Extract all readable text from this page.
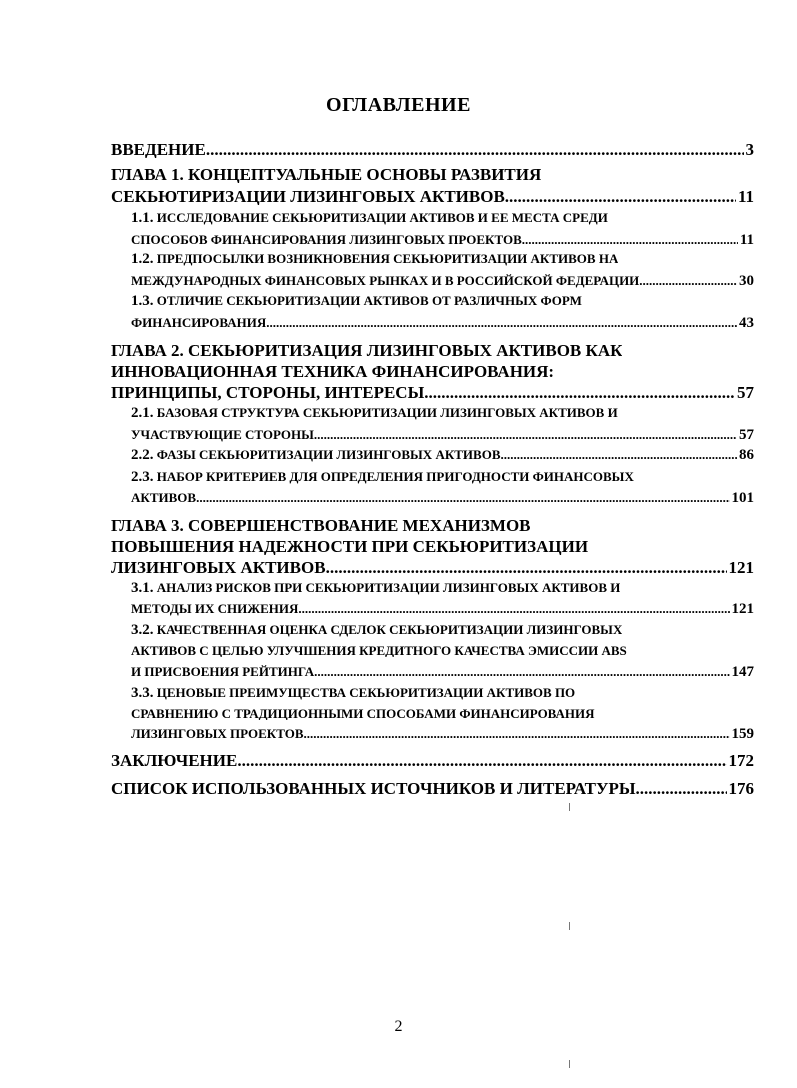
ОГЛАВЛЕНИЕ
ВВЕДЕНИЕ .....	3
ГЛАВА 1. КОНЦЕПТУАЛЬНЫЕ ОСНОВЫ РАЗВИТИЯ
СЕКЬЮТИРИЗАЦИИ ЛИЗИНГОВЫХ АКТИВОВ .....	11
1.1. ИССЛЕДОВАНИЕ СЕКЬЮРИТИЗАЦИИ АКТИВОВ И ЕЕ МЕСТА СРЕДИ
СПОСОБОВ ФИНАНСИРОВАНИЯ ЛИЗИНГОВЫХ ПРОЕКТОВ .....	11
1.2. ПРЕДПОСЫЛКИ ВОЗНИКНОВЕНИЯ СЕКЬЮРИТИЗАЦИИ АКТИВОВ НА
МЕЖДУНАРОДНЫХ ФИНАНСОВЫХ РЫНКАХ И В РОССИЙСКОЙ ФЕДЕРАЦИИ .....	30
1.3. ОТЛИЧИЕ СЕКЬЮРИТИЗАЦИИ АКТИВОВ ОТ РАЗЛИЧНЫХ ФОРМ
ФИНАНСИРОВАНИЯ .....	43
ГЛАВА 2. СЕКЬЮРИТИЗАЦИЯ ЛИЗИНГОВЫХ АКТИВОВ КАК
ИННОВАЦИОННАЯ ТЕХНИКА ФИНАНСИРОВАНИЯ:
ПРИНЦИПЫ, СТОРОНЫ, ИНТЕРЕСЫ .....	57
2.1. БАЗОВАЯ СТРУКТУРА СЕКЬЮРИТИЗАЦИИ ЛИЗИНГОВЫХ АКТИВОВ И
УЧАСТВУЮЩИЕ СТОРОНЫ .....	57
2.2. ФАЗЫ СЕКЬЮРИТИЗАЦИИ ЛИЗИНГОВЫХ АКТИВОВ .....	86
2.3. НАБОР КРИТЕРИЕВ ДЛЯ ОПРЕДЕЛЕНИЯ ПРИГОДНОСТИ ФИНАНСОВЫХ
АКТИВОВ .....	101
ГЛАВА 3. СОВЕРШЕНСТВОВАНИЕ МЕХАНИЗМОВ
ПОВЫШЕНИЯ НАДЕЖНОСТИ ПРИ СЕКЬЮРИТИЗАЦИИ
ЛИЗИНГОВЫХ АКТИВОВ .....	121
3.1. АНАЛИЗ РИСКОВ ПРИ СЕКЬЮРИТИЗАЦИИ ЛИЗИНГОВЫХ АКТИВОВ И
МЕТОДЫ ИХ СНИЖЕНИЯ .....	121
3.2. КАЧЕСТВЕННАЯ ОЦЕНКА СДЕЛОК СЕКЬЮРИТИЗАЦИИ ЛИЗИНГОВЫХ
АКТИВОВ С ЦЕЛЬЮ УЛУЧШЕНИЯ КРЕДИТНОГО КАЧЕСТВА ЭМИССИИ ABS
И ПРИСВОЕНИЯ РЕЙТИНГА .....	147
3.3. ЦЕНОВЫЕ ПРЕИМУЩЕСТВА СЕКЬЮРИТИЗАЦИИ АКТИВОВ ПО
СРАВНЕНИЮ С ТРАДИЦИОННЫМИ СПОСОБАМИ ФИНАНСИРОВАНИЯ
ЛИЗИНГОВЫХ ПРОЕКТОВ .....	159
ЗАКЛЮЧЕНИЕ .....	172
СПИСОК ИСПОЛЬЗОВАННЫХ ИСТОЧНИКОВ И ЛИТЕРАТУРЫ .....	176
2
